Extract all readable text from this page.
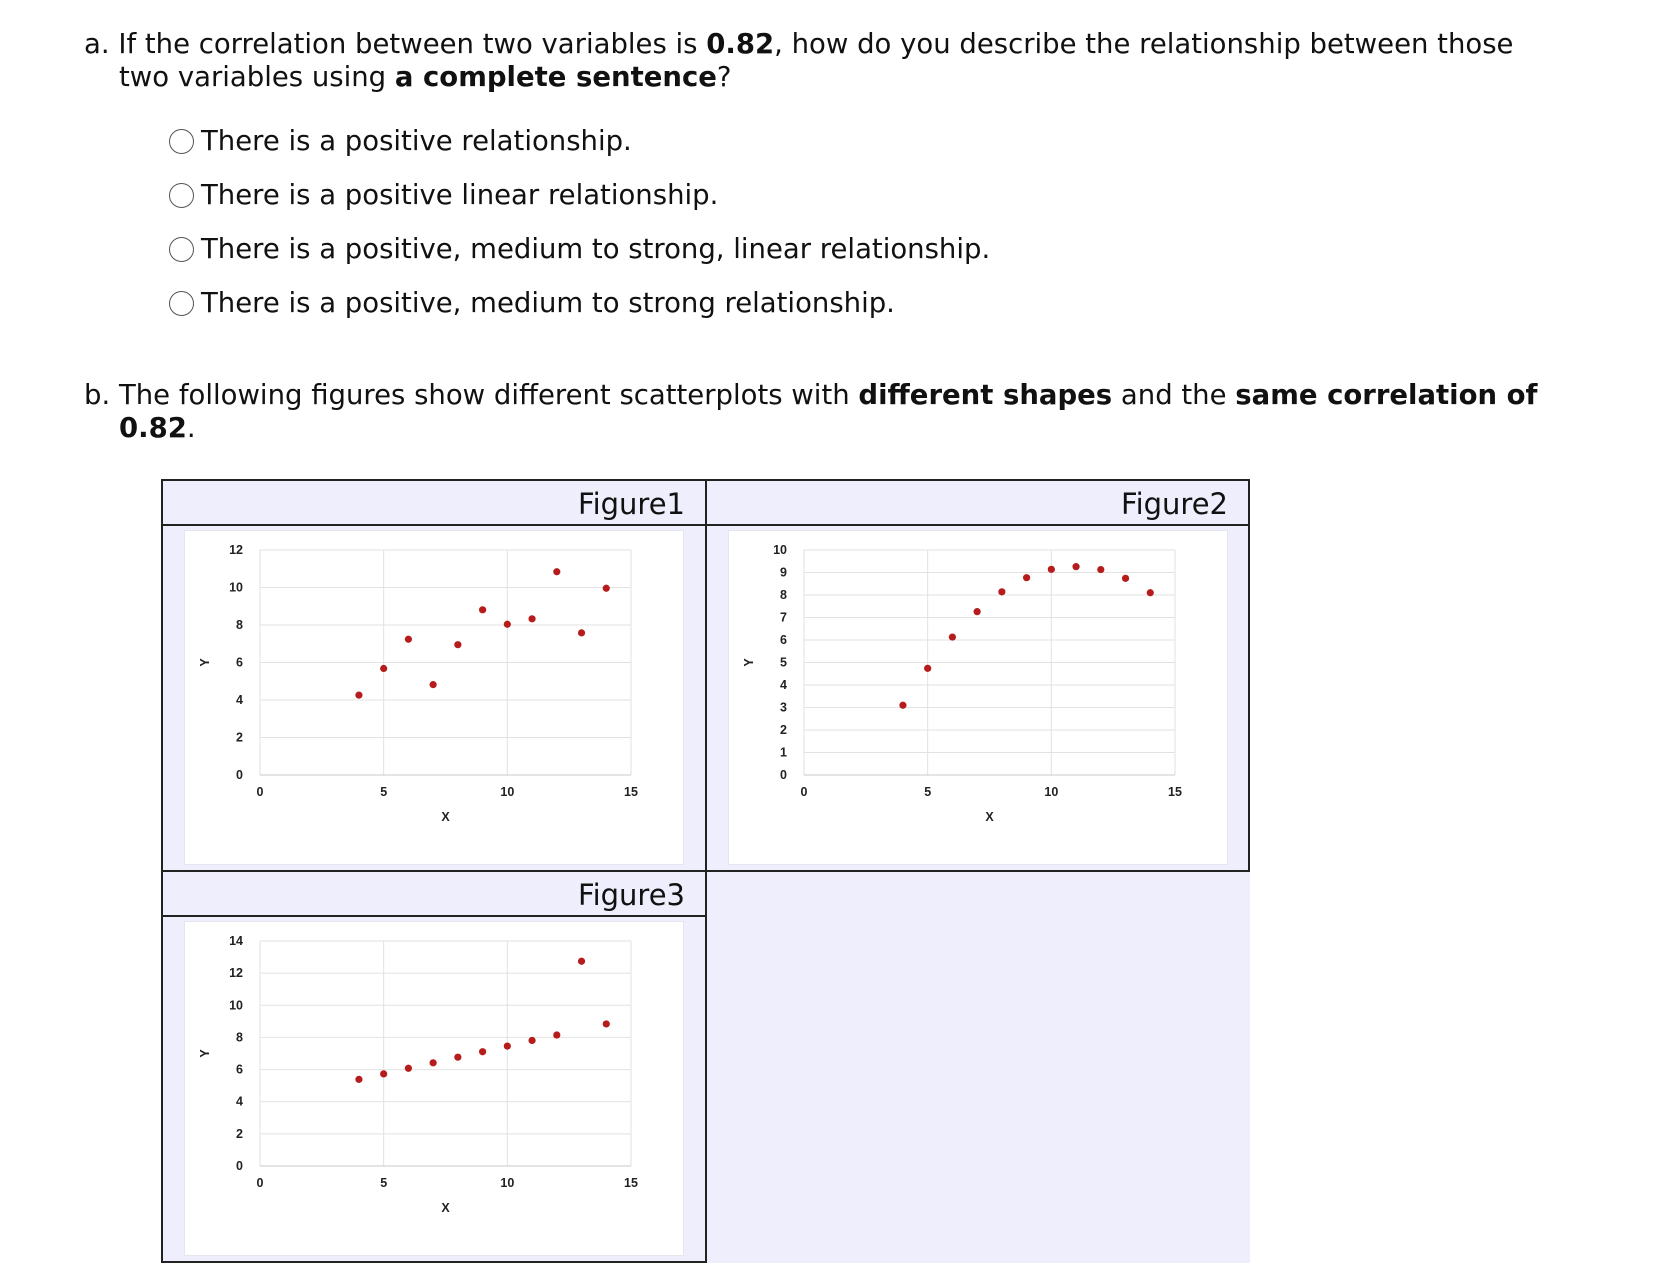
a. If the correlation between two variables is 0.82, how do you describe the relationship between those
two variables using a complete sentence?
There is a positive relationship.
There is a positive linear relationship.
There is a positive, medium to strong, linear relationship.
There is a positive, medium to strong relationship.
b. The following figures show different scatterplots with different shapes and the same correlation of
0.82.
Figure1
0
2
4
6
8
10
12
0	5	10	15
X
Y
Figure2
0
1
2
3
4
5
6
7
8
9
10
0	5	10	15
X
Y
Figure3
0
2
4
6
8
10
12
14
0	5	10	15
X
Y
